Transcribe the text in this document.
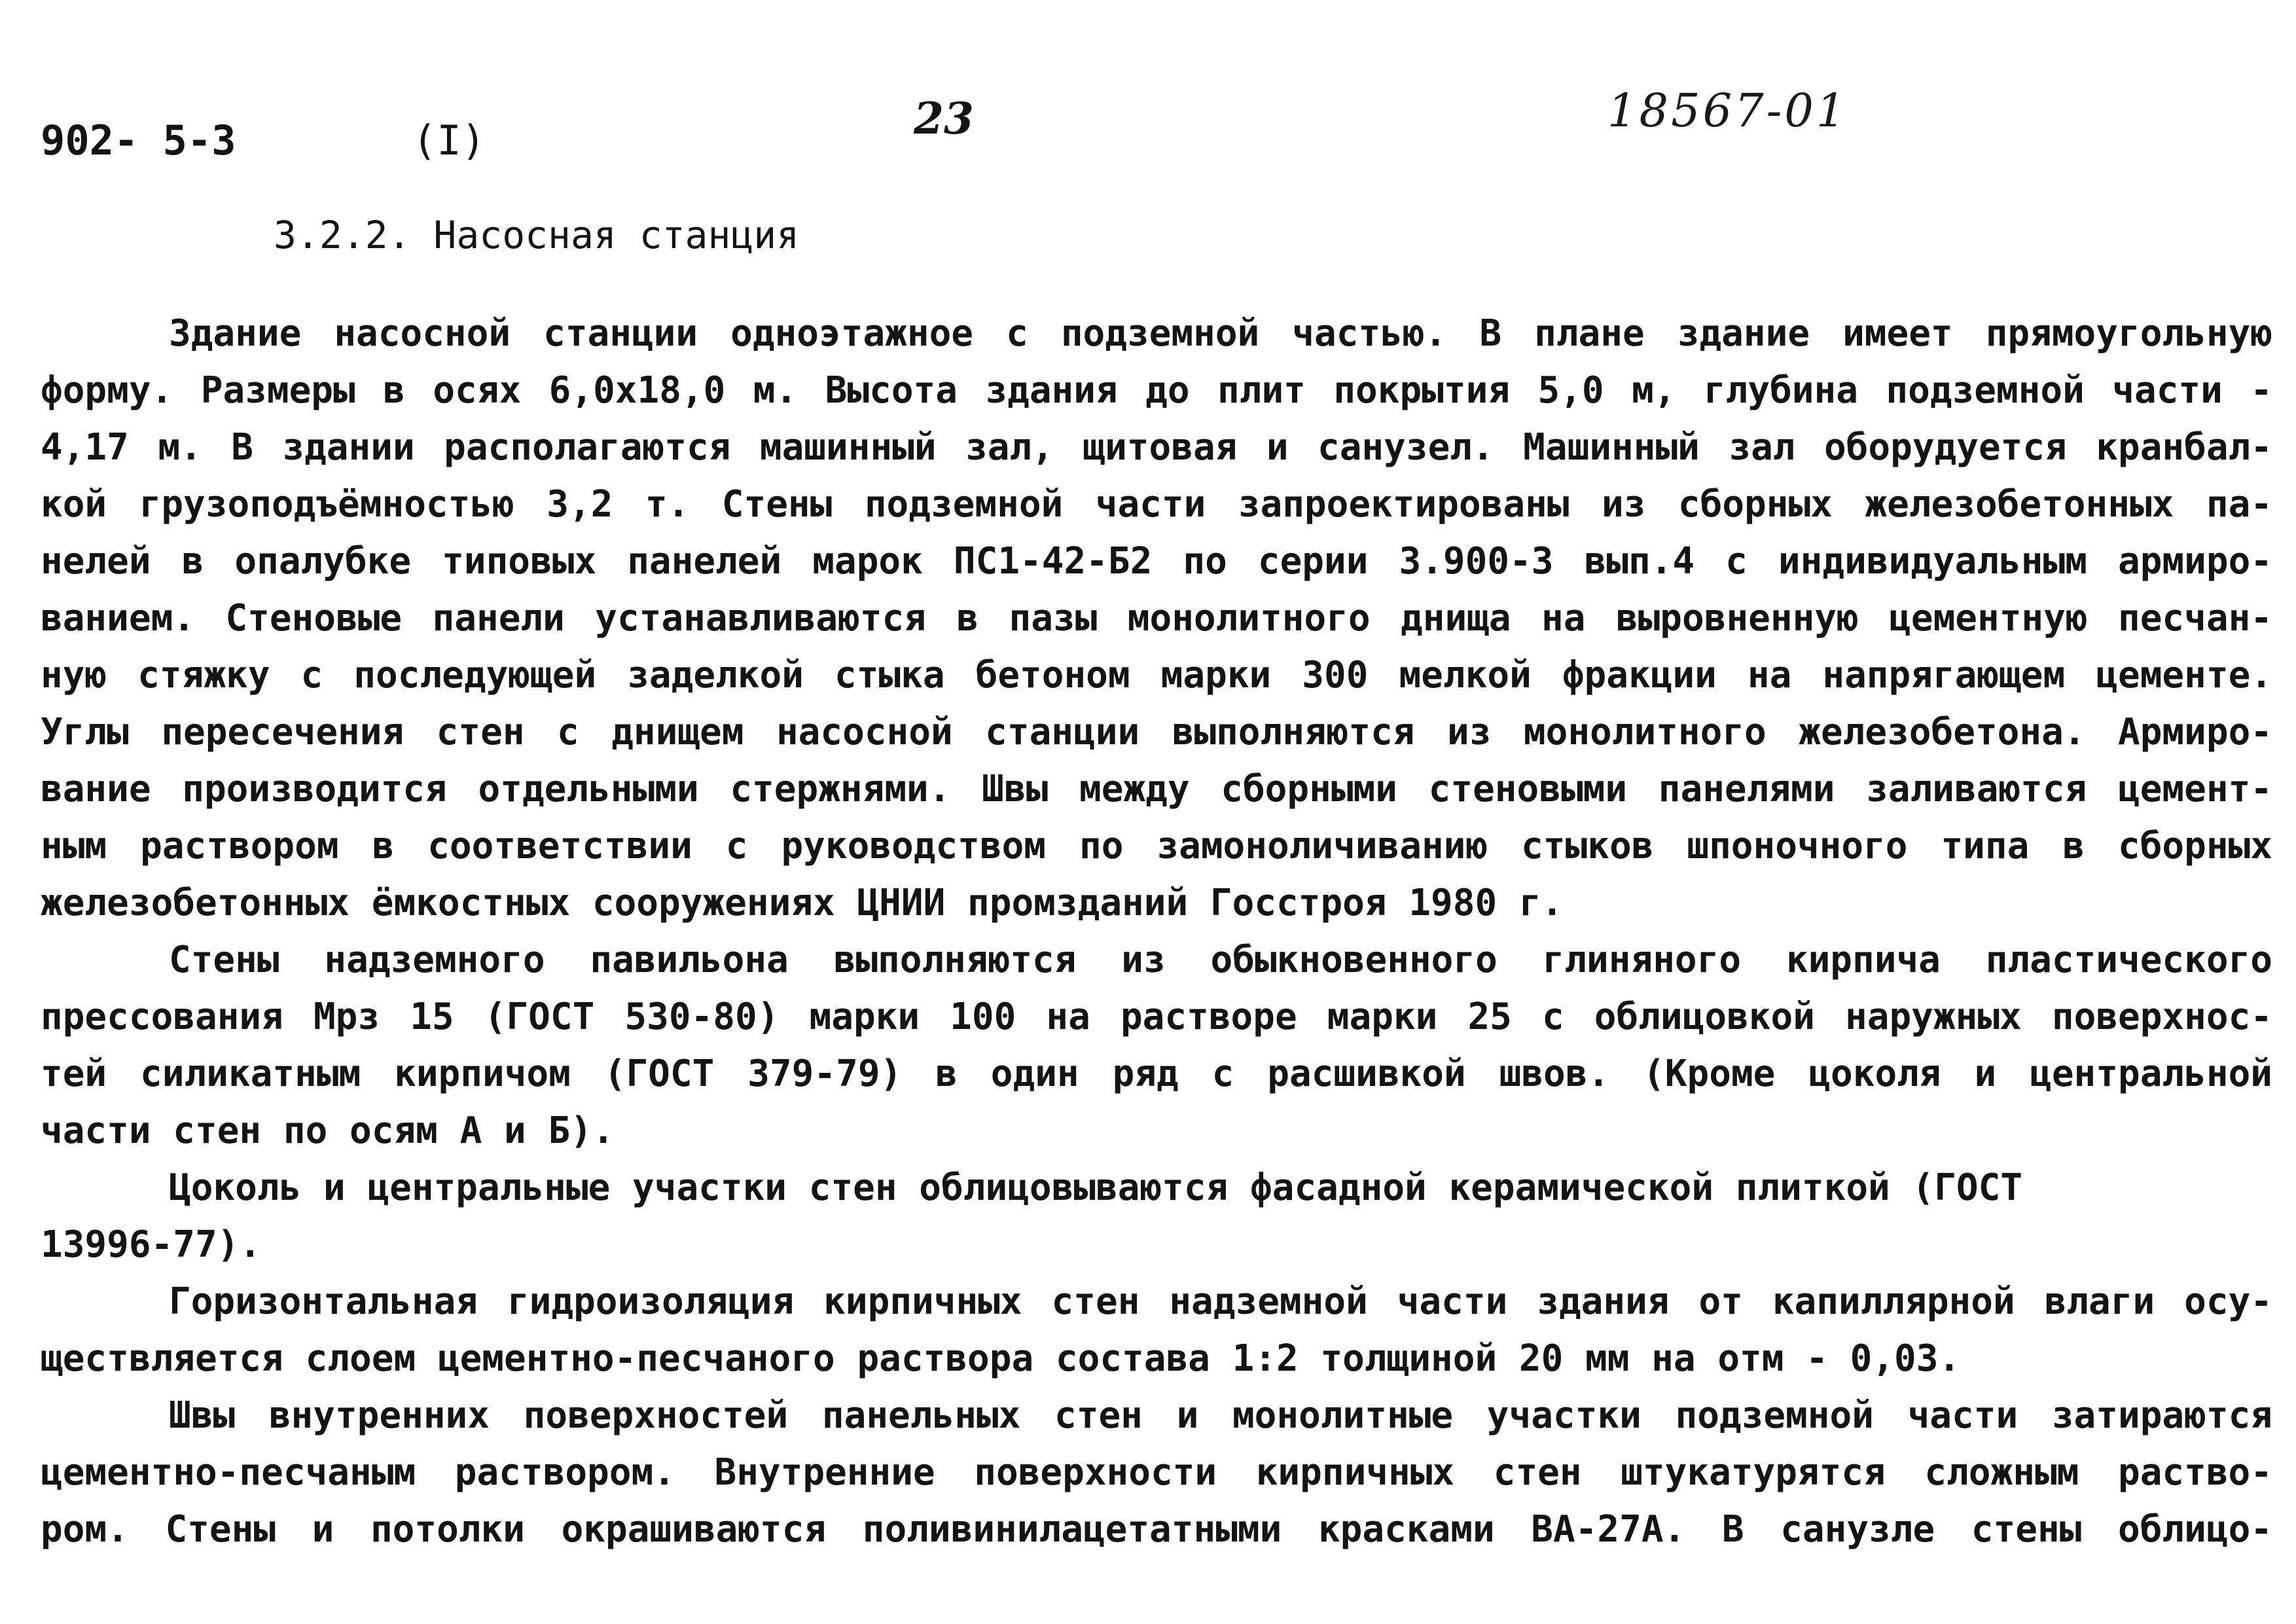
902- 5-3	(I)	23	18567-01
3.2.2. Насосная станция
Здание насосной станции одноэтажное с подземной частью. В плане здание имеет прямоугольную
форму. Размеры в осях 6,0х18,0 м. Высота здания до плит покрытия 5,0 м, глубина подземной части -
4,17 м. В здании располагаются машинный зал, щитовая и санузел. Машинный зал оборудуется кранбал-
кой грузоподъёмностью 3,2 т. Стены подземной части запроектированы из сборных железобетонных па-
нелей в опалубке типовых панелей марок ПС1-42-Б2 по серии 3.900-3 вып.4 с индивидуальным армиро-
ванием. Стеновые панели устанавливаются в пазы монолитного днища на выровненную цементную песчан-
ную стяжку с последующей заделкой стыка бетоном марки 300 мелкой фракции на напрягающем цементе.
Углы пересечения стен с днищем насосной станции выполняются из монолитного железобетона. Армиро-
вание производится отдельными стержнями. Швы между сборными стеновыми панелями заливаются цемент-
ным раствором в соответствии с руководством по замоноличиванию стыков шпоночного типа в сборных
железобетонных ёмкостных сооружениях ЦНИИ промзданий Госстроя 1980 г.
Стены надземного павильона выполняются из обыкновенного глиняного кирпича пластического
прессования Мрз 15 (ГОСТ 530-80) марки 100 на растворе марки 25 с облицовкой наружных поверхнос-
тей силикатным кирпичом (ГОСТ 379-79) в один ряд с расшивкой швов. (Кроме цоколя и центральной
части стен по осям А и Б).
Цоколь и центральные участки стен облицовываются фасадной керамической плиткой (ГОСТ
13996-77).
Горизонтальная гидроизоляция кирпичных стен надземной части здания от капиллярной влаги осу-
ществляется слоем цементно-песчаного раствора состава 1:2 толщиной 20 мм на отм - 0,03.
Швы внутренних поверхностей панельных стен и монолитные участки подземной части затираются
цементно-песчаным раствором. Внутренние поверхности кирпичных стен штукатурятся сложным раство-
ром. Стены и потолки окрашиваются поливинилацетатными красками ВА-27А. В санузле стены облицо-
